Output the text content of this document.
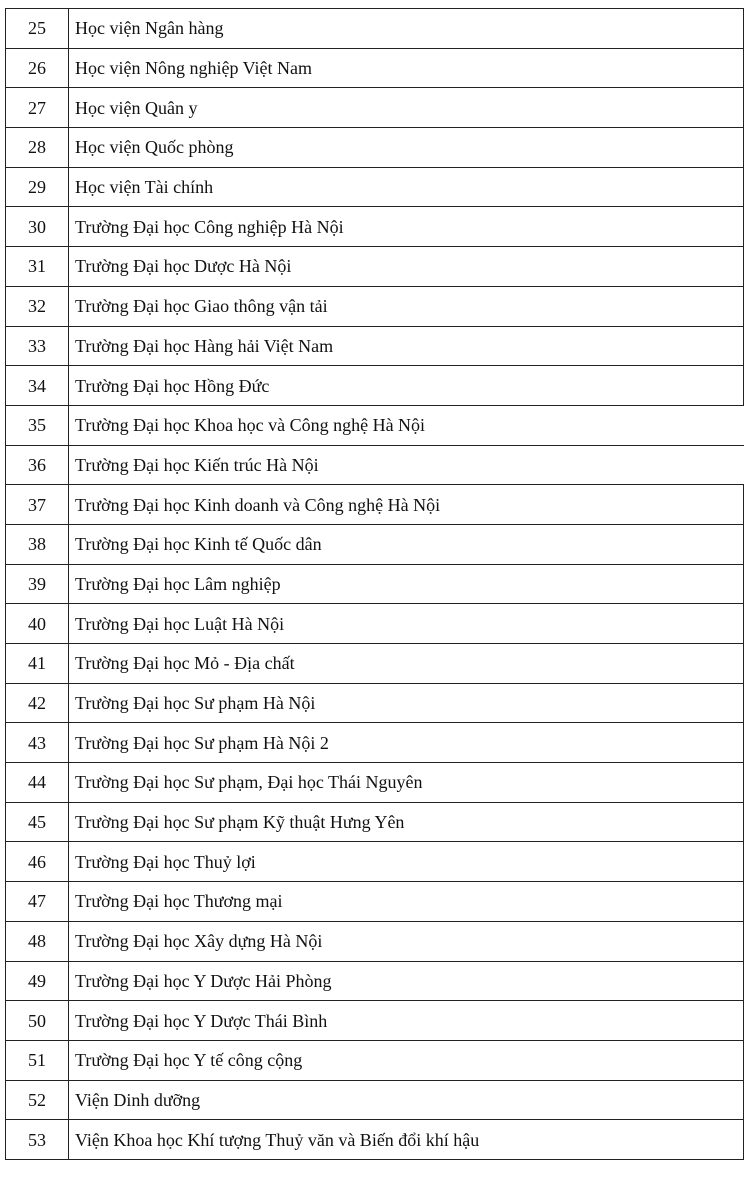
25	Học viện Ngân hàng
26	Học viện Nông nghiệp Việt Nam
27	Học viện Quân y
28	Học viện Quốc phòng
29	Học viện Tài chính
30	Trường Đại học Công nghiệp Hà Nội
31	Trường Đại học Dược Hà Nội
32	Trường Đại học Giao thông vận tải
33	Trường Đại học Hàng hải Việt Nam
34	Trường Đại học Hồng Đức
35	Trường Đại học Khoa học và Công nghệ Hà Nội
36	Trường Đại học Kiến trúc Hà Nội
37	Trường Đại học Kinh doanh và Công nghệ Hà Nội
38	Trường Đại học Kinh tế Quốc dân
39	Trường Đại học Lâm nghiệp
40	Trường Đại học Luật Hà Nội
41	Trường Đại học Mỏ - Địa chất
42	Trường Đại học Sư phạm Hà Nội
43	Trường Đại học Sư phạm Hà Nội 2
44	Trường Đại học Sư phạm, Đại học Thái Nguyên
45	Trường Đại học Sư phạm Kỹ thuật Hưng Yên
46	Trường Đại học Thuỷ lợi
47	Trường Đại học Thương mại
48	Trường Đại học Xây dựng Hà Nội
49	Trường Đại học Y Dược Hải Phòng
50	Trường Đại học Y Dược Thái Bình
51	Trường Đại học Y tế công cộng
52	Viện Dinh dưỡng
53	Viện Khoa học Khí tượng Thuỷ văn và Biến đổi khí hậu
